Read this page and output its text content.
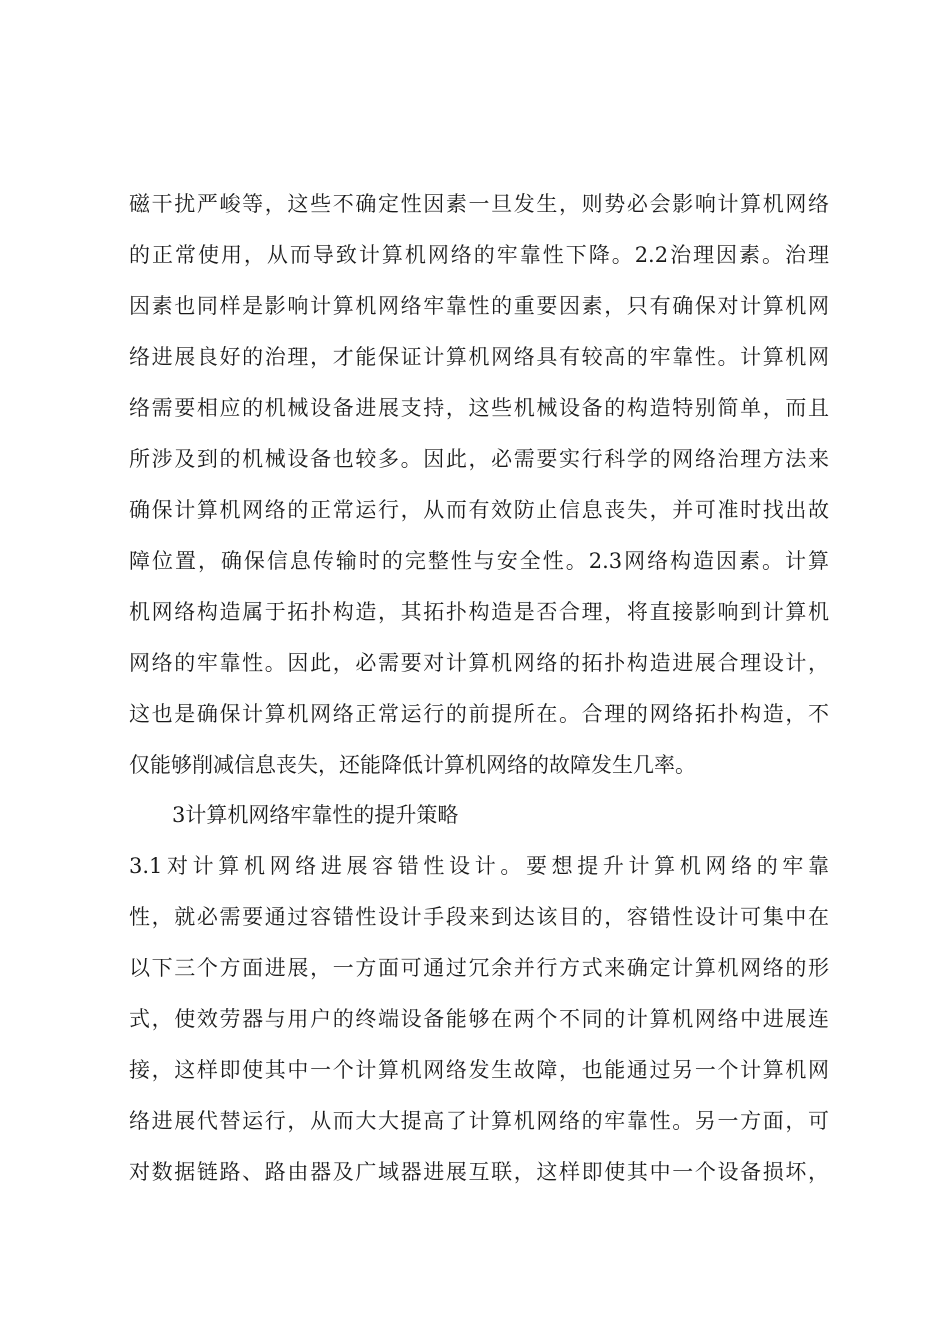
磁干扰严峻等，这些不确定性因素一旦发生，则势必会影响计算机网络
的正常使用，从而导致计算机网络的牢靠性下降。2.2治理因素。治理
因素也同样是影响计算机网络牢靠性的重要因素，只有确保对计算机网
络进展良好的治理，才能保证计算机网络具有较高的牢靠性。计算机网
络需要相应的机械设备进展支持，这些机械设备的构造特别简单，而且
所涉及到的机械设备也较多。因此，必需要实行科学的网络治理方法来
确保计算机网络的正常运行，从而有效防止信息丧失，并可准时找出故
障位置，确保信息传输时的完整性与安全性。2.3网络构造因素。计算
机网络构造属于拓扑构造，其拓扑构造是否合理，将直接影响到计算机
网络的牢靠性。因此，必需要对计算机网络的拓扑构造进展合理设计，
这也是确保计算机网络正常运行的前提所在。合理的网络拓扑构造，不
仅能够削减信息丧失，还能降低计算机网络的故障发生几率。
3计算机网络牢靠性的提升策略
3.1对计算机网络进展容错性设计。要想提升计算机网络的牢靠
性，就必需要通过容错性设计手段来到达该目的，容错性设计可集中在
以下三个方面进展，一方面可通过冗余并行方式来确定计算机网络的形
式，使效劳器与用户的终端设备能够在两个不同的计算机网络中进展连
接，这样即使其中一个计算机网络发生故障，也能通过另一个计算机网
络进展代替运行，从而大大提高了计算机网络的牢靠性。另一方面，可
对数据链路、路由器及广域器进展互联，这样即使其中一个设备损坏，
